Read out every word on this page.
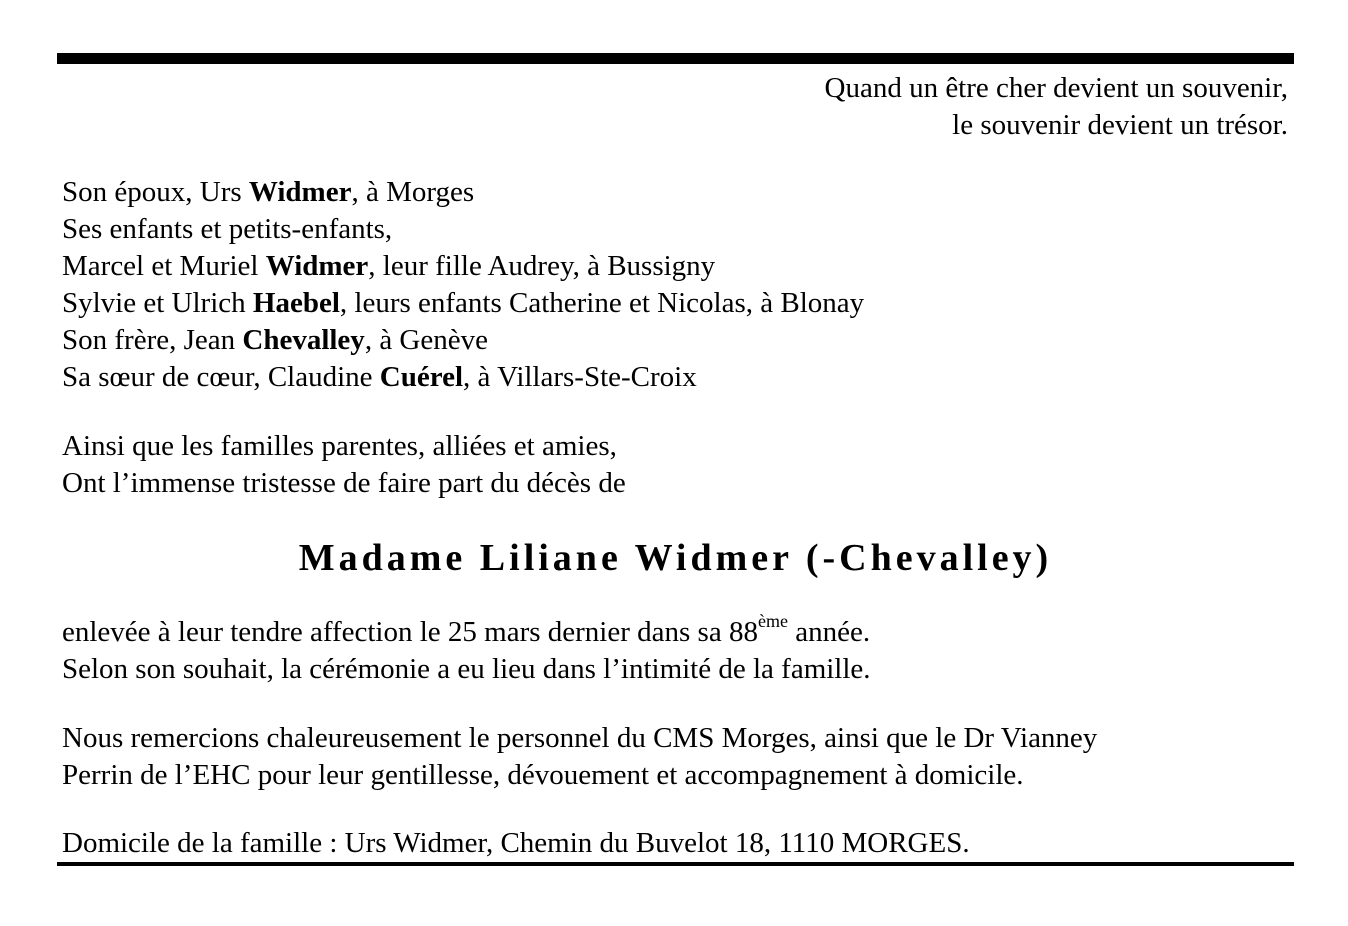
Quand un être cher devient un souvenir,
le souvenir devient un trésor.
Son époux, Urs Widmer, à Morges
Ses enfants et petits-enfants,
Marcel et Muriel Widmer, leur fille Audrey, à Bussigny
Sylvie et Ulrich Haebel, leurs enfants Catherine et Nicolas, à Blonay
Son frère, Jean Chevalley, à Genève
Sa sœur de cœur, Claudine Cuérel, à Villars-Ste-Croix
Ainsi que les familles parentes, alliées et amies,
Ont l’immense tristesse de faire part du décès de
Madame Liliane Widmer (-Chevalley)
enlevée à leur tendre affection le 25 mars dernier dans sa 88ème année.
Selon son souhait, la cérémonie a eu lieu dans l’intimité de la famille.
Nous remercions chaleureusement le personnel du CMS Morges, ainsi que le Dr Vianney
Perrin de l’EHC pour leur gentillesse, dévouement et accompagnement à domicile.
Domicile de la famille : Urs Widmer, Chemin du Buvelot 18, 1110 MORGES.
